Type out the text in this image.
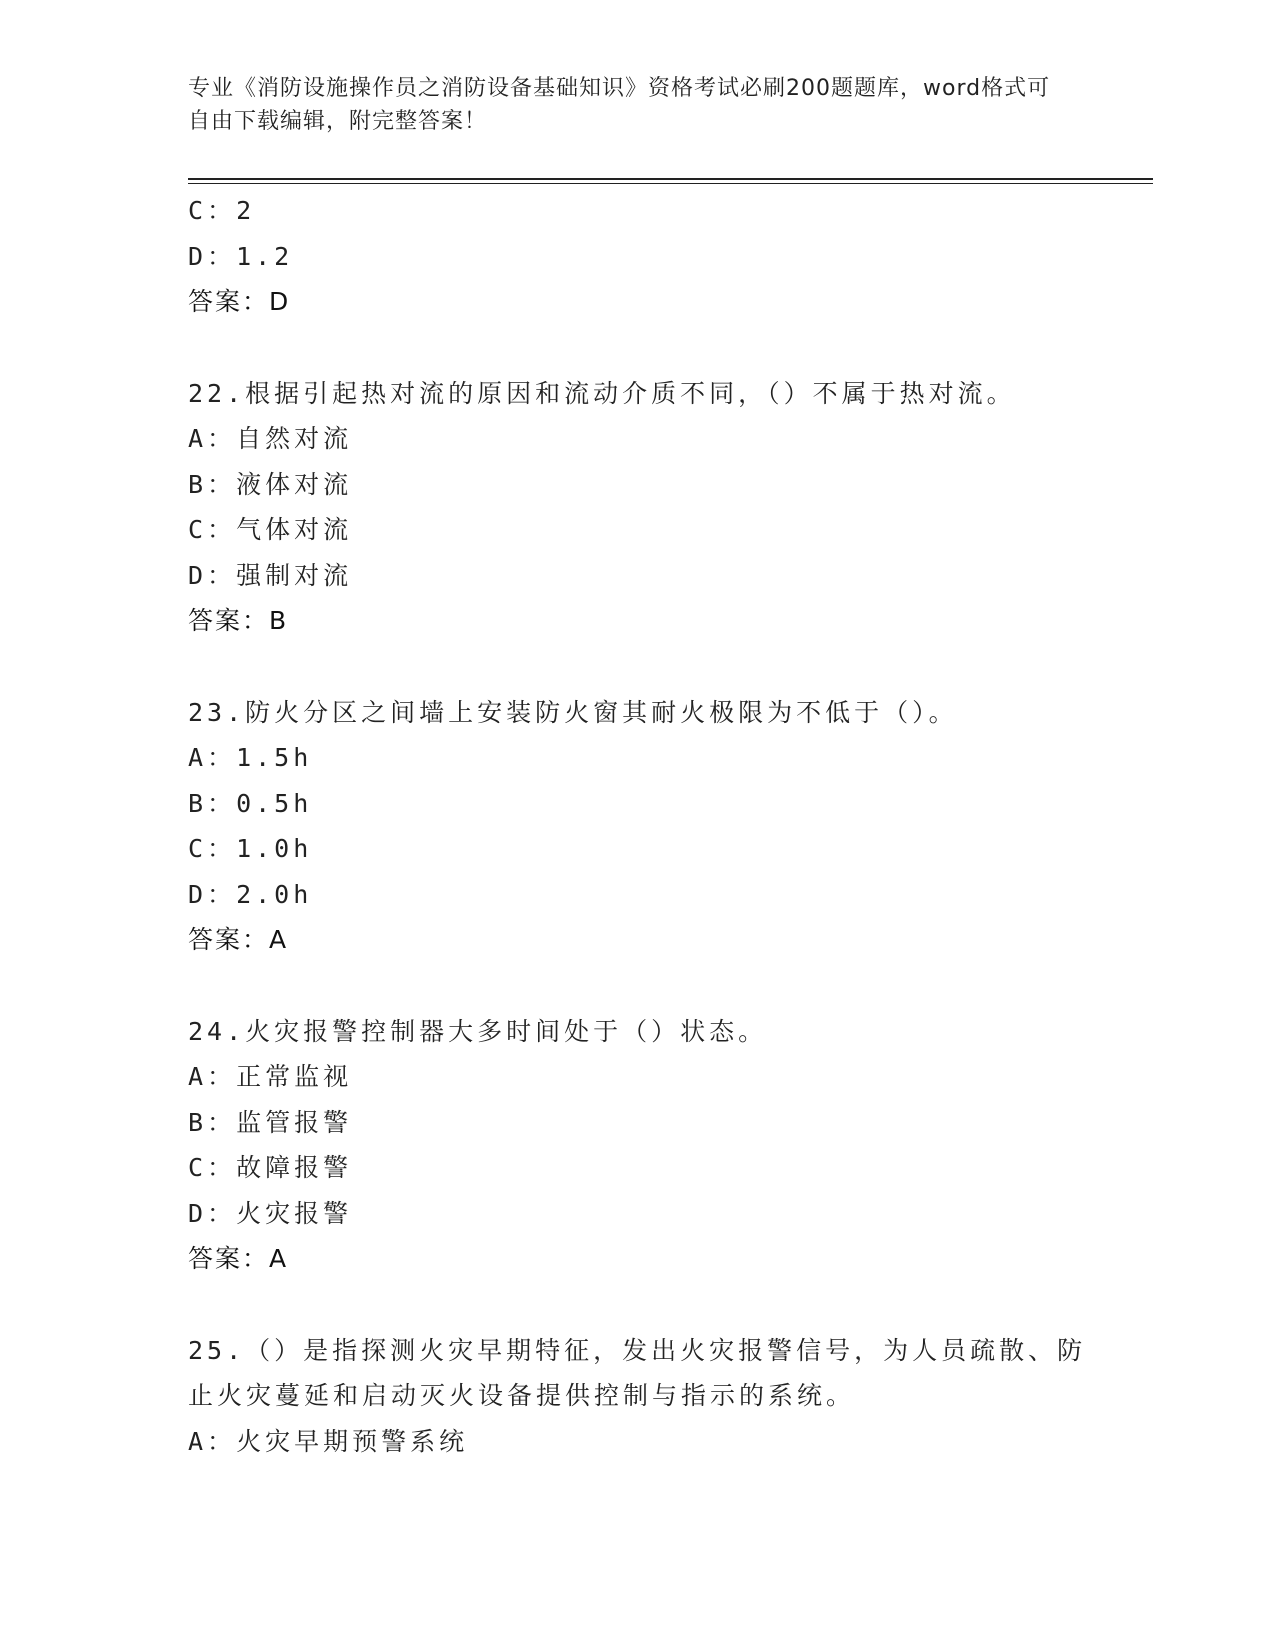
专业《消防设施操作员之消防设备基础知识》资格考试必刷200题题库，word格式可自由下载编辑，附完整答案！
C：2
D：1.2
答案：D
22.根据引起热对流的原因和流动介质不同，（）不属于热对流。
A：自然对流
B：液体对流
C：气体对流
D：强制对流
答案：B
23.防火分区之间墙上安装防火窗其耐火极限为不低于（）。
A：1.5h
B：0.5h
C：1.0h
D：2.0h
答案：A
24.火灾报警控制器大多时间处于（）状态。
A：正常监视
B：监管报警
C：故障报警
D：火灾报警
答案：A
25.（）是指探测火灾早期特征，发出火灾报警信号，为人员疏散、防
止火灾蔓延和启动灭火设备提供控制与指示的系统。
A：火灾早期预警系统
